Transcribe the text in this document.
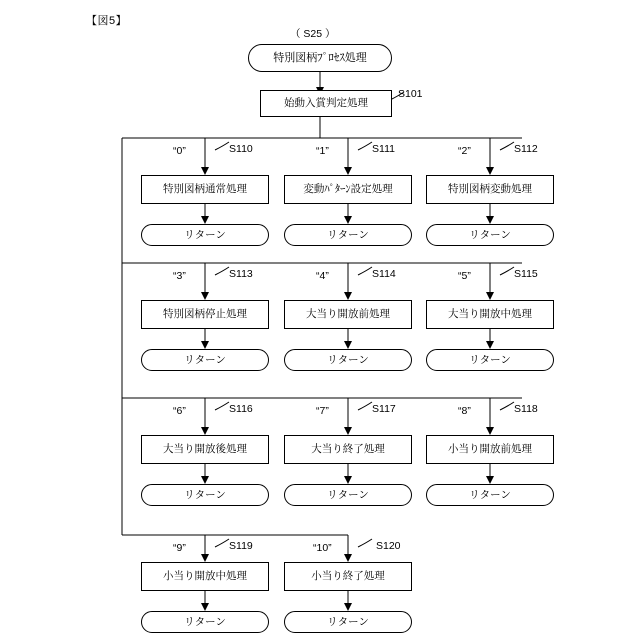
【図5】
（ S25 ）
特別図柄ﾌﾟﾛｾｽ処理
始動入賞判定処理
S101
“0”	S110
特別図柄通常処理
リターン
“1”	S111
変動ﾊﾟﾀｰﾝ設定処理
リターン
“2”	S112
特別図柄変動処理
リターン
“3”	S113
特別図柄停止処理
リターン
“4”	S114
大当り開放前処理
リターン
“5”	S115
大当り開放中処理
リターン
“6”	S116
大当り開放後処理
リターン
“7”	S117
大当り終了処理
リターン
“8”	S118
小当り開放前処理
リターン
“9”	S119
小当り開放中処理
リターン
“10”	S120
小当り終了処理
リターン
